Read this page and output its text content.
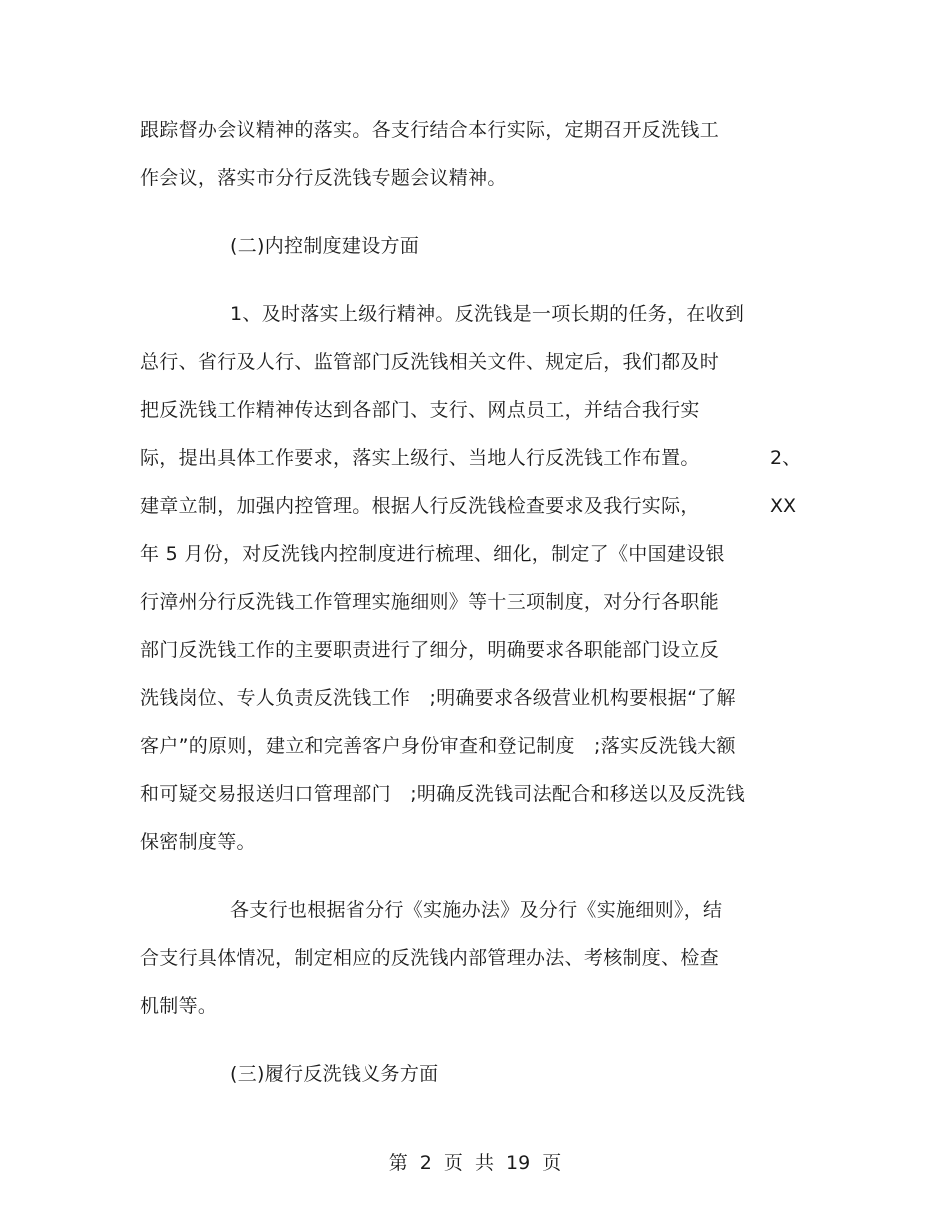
跟踪督办会议精神的落实。各支行结合本行实际，定期召开反洗钱工
作会议，落实市分行反洗钱专题会议精神。
(二)内控制度建设方面
1、及时落实上级行精神。反洗钱是一项长期的任务，在收到
总行、省行及人行、监管部门反洗钱相关文件、规定后，我们都及时
把反洗钱工作精神传达到各部门、支行、网点员工，并结合我行实
际，提出具体工作要求，落实上级行、当地人行反洗钱工作布置。	2、
建章立制，加强内控管理。根据人行反洗钱检查要求及我行实际，	XX
年 5 月份，对反洗钱内控制度进行梳理、细化，制定了《中国建设银
行漳州分行反洗钱工作管理实施细则》等十三项制度，对分行各职能
部门反洗钱工作的主要职责进行了细分，明确要求各职能部门设立反
洗钱岗位、专人负责反洗钱工作　;明确要求各级营业机构要根据“了解
客户”的原则，建立和完善客户身份审查和登记制度　;落实反洗钱大额
和可疑交易报送归口管理部门　;明确反洗钱司法配合和移送以及反洗钱
保密制度等。
各支行也根据省分行《实施办法》及分行《实施细则》，结
合支行具体情况，制定相应的反洗钱内部管理办法、考核制度、检查
机制等。
(三)履行反洗钱义务方面
第 2 页 共 19 页
